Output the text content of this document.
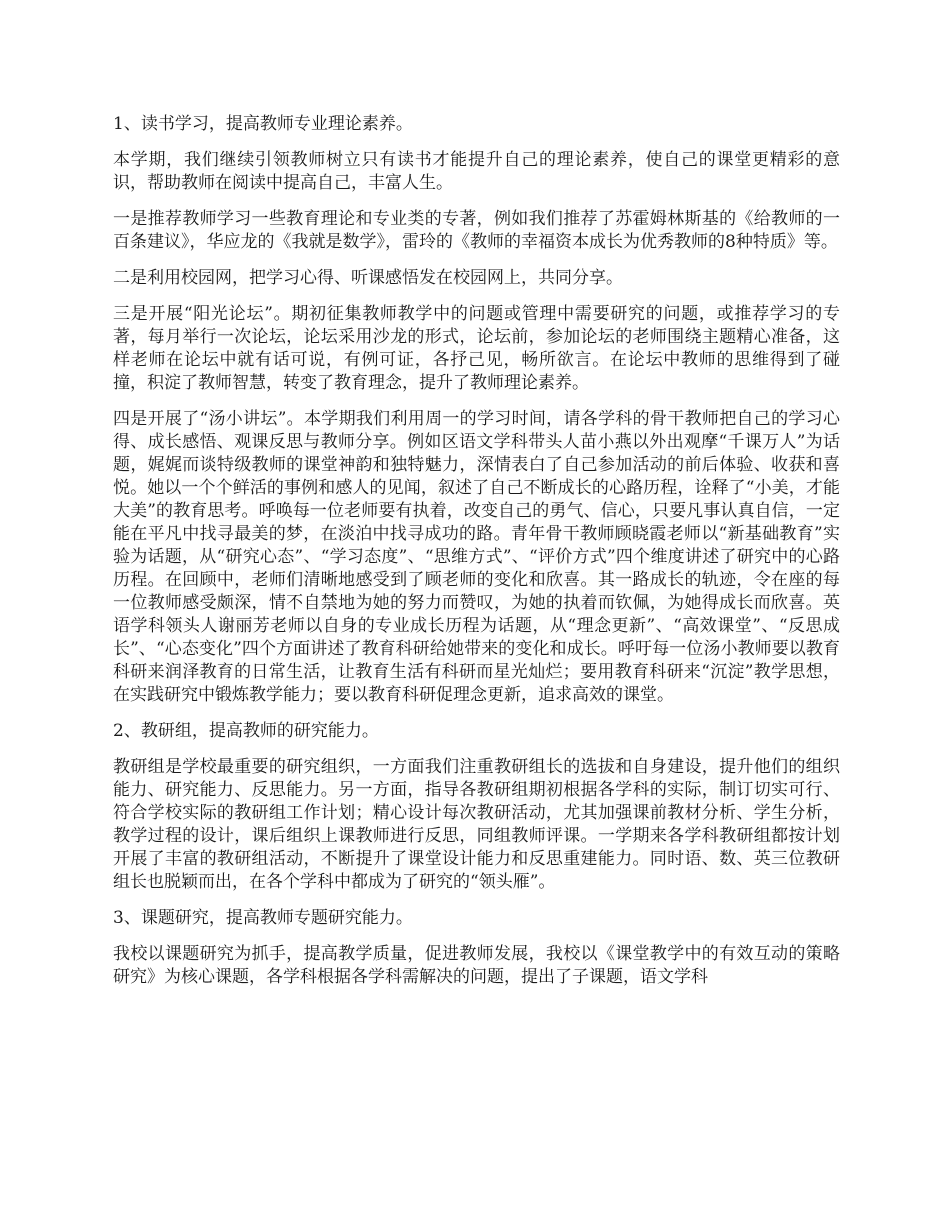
1、读书学习，提高教师专业理论素养。

本学期，我们继续引领教师树立只有读书才能提升自己的理论素养，使自己的课堂更精彩的意识，帮助教师在阅读中提高自己，丰富人生。

一是推荐教师学习一些教育理论和专业类的专著，例如我们推荐了苏霍姆林斯基的《给教师的一百条建议》，华应龙的《我就是数学》，雷玲的《教师的幸福资本成长为优秀教师的8种特质》等。

二是利用校园网，把学习心得、听课感悟发在校园网上，共同分享。

三是开展“阳光论坛”。期初征集教师教学中的问题或管理中需要研究的问题，或推荐学习的专著，每月举行一次论坛，论坛采用沙龙的形式，论坛前，参加论坛的老师围绕主题精心准备，这样老师在论坛中就有话可说，有例可证，各抒己见，畅所欲言。在论坛中教师的思维得到了碰撞，积淀了教师智慧，转变了教育理念，提升了教师理论素养。

四是开展了“汤小讲坛”。本学期我们利用周一的学习时间，请各学科的骨干教师把自己的学习心得、成长感悟、观课反思与教师分享。例如区语文学科带头人苗小燕以外出观摩“千课万人”为话题，娓娓而谈特级教师的课堂神韵和独特魅力，深情表白了自己参加活动的前后体验、收获和喜悦。她以一个个鲜活的事例和感人的见闻，叙述了自己不断成长的心路历程，诠释了“小美，才能大美”的教育思考。呼唤每一位老师要有执着，改变自己的勇气、信心，只要凡事认真自信，一定能在平凡中找寻最美的梦，在淡泊中找寻成功的路。青年骨干教师顾晓霞老师以“新基础教育”实验为话题，从“研究心态”、“学习态度”、“思维方式”、“评价方式”四个维度讲述了研究中的心路历程。在回顾中，老师们清晰地感受到了顾老师的变化和欣喜。其一路成长的轨迹，令在座的每一位教师感受颇深，情不自禁地为她的努力而赞叹，为她的执着而钦佩，为她得成长而欣喜。英语学科领头人谢丽芳老师以自身的专业成长历程为话题，从“理念更新”、“高效课堂”、“反思成长”、“心态变化”四个方面讲述了教育科研给她带来的变化和成长。呼吁每一位汤小教师要以教育科研来润泽教育的日常生活，让教育生活有科研而星光灿烂；要用教育科研来“沉淀”教学思想，在实践研究中锻炼教学能力；要以教育科研促理念更新，追求高效的课堂。

2、教研组，提高教师的研究能力。

教研组是学校最重要的研究组织，一方面我们注重教研组长的选拔和自身建设，提升他们的组织能力、研究能力、反思能力。另一方面，指导各教研组期初根据各学科的实际，制订切实可行、符合学校实际的教研组工作计划；精心设计每次教研活动，尤其加强课前教材分析、学生分析，教学过程的设计，课后组织上课教师进行反思，同组教师评课。一学期来各学科教研组都按计划开展了丰富的教研组活动，不断提升了课堂设计能力和反思重建能力。同时语、数、英三位教研组长也脱颖而出，在各个学科中都成为了研究的“领头雁”。

3、课题研究，提高教师专题研究能力。

我校以课题研究为抓手，提高教学质量，促进教师发展，我校以《课堂教学中的有效互动的策略研究》为核心课题，各学科根据各学科需解决的问题，提出了子课题，语文学科
